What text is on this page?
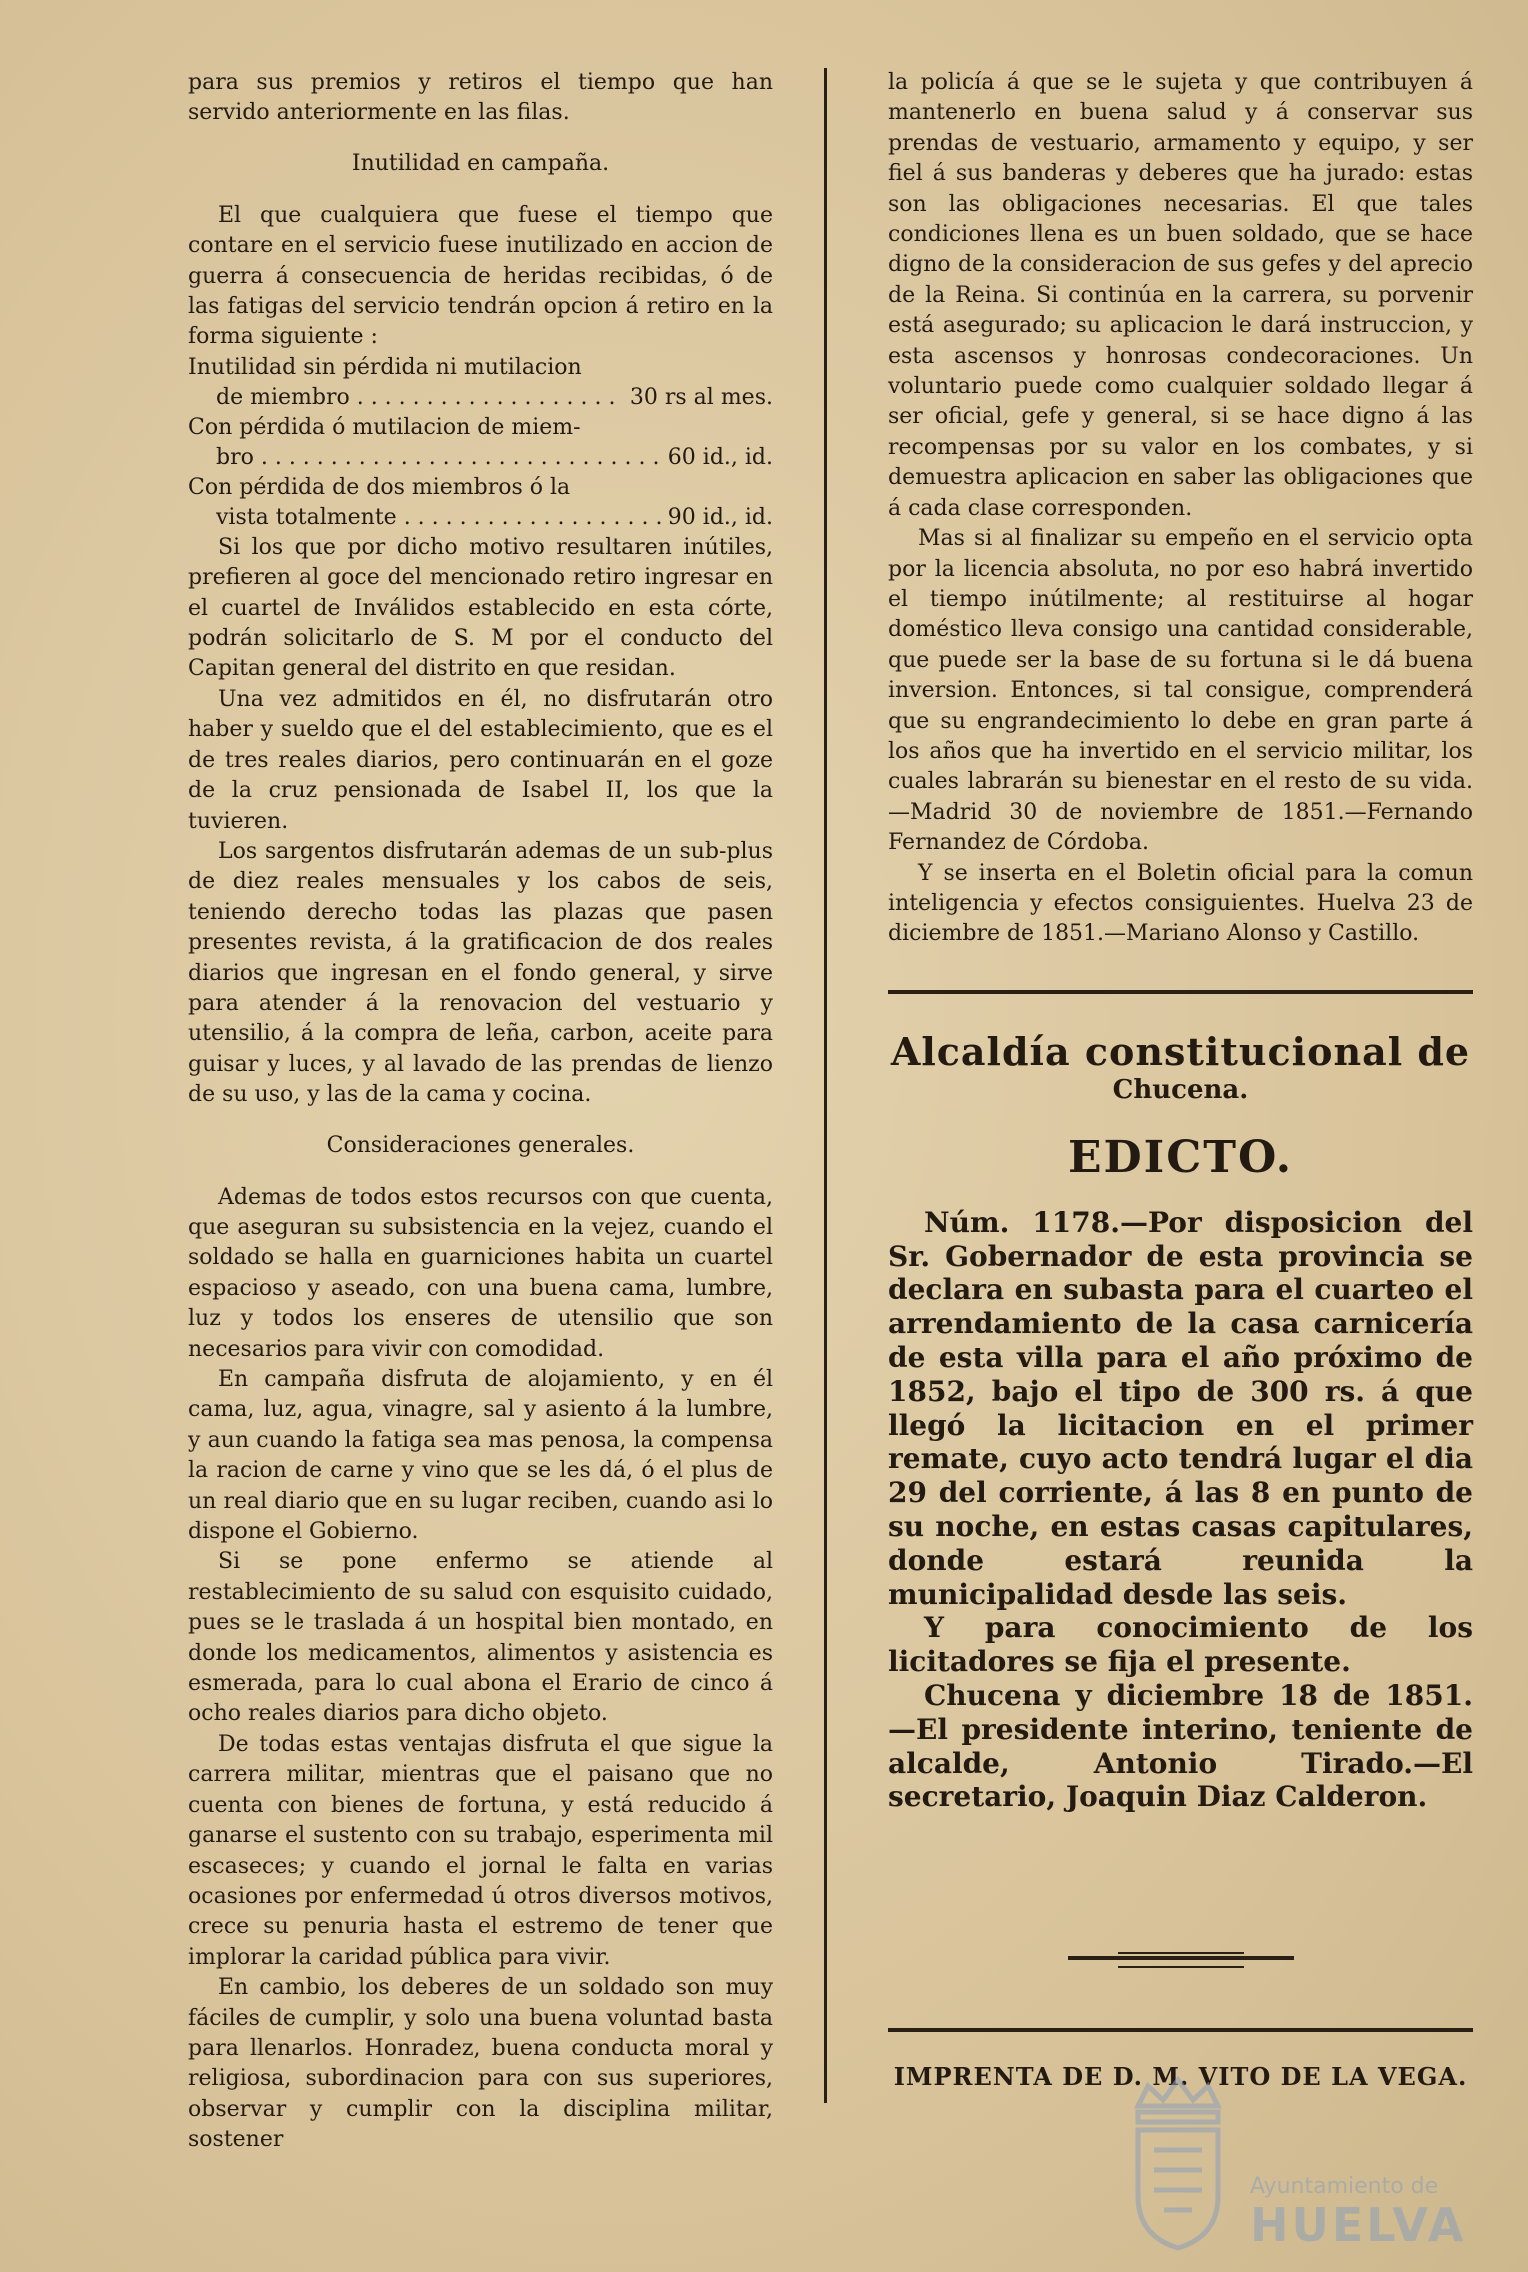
para sus premios y retiros el tiempo que han servido anteriormente en las filas.

Inutilidad en campaña.

El que cualquiera que fuese el tiempo que contare en el servicio fuese inutilizado en accion de guerra á consecuencia de heridas recibidas, ó de las fatigas del servicio tendrán opcion á retiro en la forma siguiente :

Inutilidad sin pérdida ni mutilacion
de miembro . . .	30 rs al mes.
Con pérdida ó mutilacion de miem-
bro . . .	60 id., id.
Con pérdida de dos miembros ó la
vista totalmente . . .	90 id., id.

Si los que por dicho motivo resultaren inútiles, prefieren al goce del mencionado retiro ingresar en el cuartel de Inválidos establecido en esta córte, podrán solicitarlo de S. M por el conducto del Capitan general del distrito en que residan.

Una vez admitidos en él, no disfrutarán otro haber y sueldo que el del establecimiento, que es el de tres reales diarios, pero continuarán en el goze de la cruz pensionada de Isabel II, los que la tuvieren.

Los sargentos disfrutarán ademas de un sub-plus de diez reales mensuales y los cabos de seis, teniendo derecho todas las plazas que pasen presentes revista, á la gratificacion de dos reales diarios que ingresan en el fondo general, y sirve para atender á la renovacion del vestuario y utensilio, á la compra de leña, carbon, aceite para guisar y luces, y al lavado de las prendas de lienzo de su uso, y las de la cama y cocina.

Consideraciones generales.

Ademas de todos estos recursos con que cuenta, que aseguran su subsistencia en la vejez, cuando el soldado se halla en guarniciones habita un cuartel espacioso y aseado, con una buena cama, lumbre, luz y todos los enseres de utensilio que son necesarios para vivir con comodidad.

En campaña disfruta de alojamiento, y en él cama, luz, agua, vinagre, sal y asiento á la lumbre, y aun cuando la fatiga sea mas penosa, la compensa la racion de carne y vino que se les dá, ó el plus de un real diario que en su lugar reciben, cuando asi lo dispone el Gobierno.

Si se pone enfermo se atiende al restablecimiento de su salud con esquisito cuidado, pues se le traslada á un hospital bien montado, en donde los medicamentos, alimentos y asistencia es esmerada, para lo cual abona el Erario de cinco á ocho reales diarios para dicho objeto.

De todas estas ventajas disfruta el que sigue la carrera militar, mientras que el paisano que no cuenta con bienes de fortuna, y está reducido á ganarse el sustento con su trabajo, esperimenta mil escaseces; y cuando el jornal le falta en varias ocasiones por enfermedad ú otros diversos motivos, crece su penuria hasta el estremo de tener que implorar la caridad pública para vivir.

En cambio, los deberes de un soldado son muy fáciles de cumplir, y solo una buena voluntad basta para llenarlos. Honradez, buena conducta moral y religiosa, subordinacion para con sus superiores, observar y cumplir con la disciplina militar, sostener

la policía á que se le sujeta y que contribuyen á mantenerlo en buena salud y á conservar sus prendas de vestuario, armamento y equipo, y ser fiel á sus banderas y deberes que ha jurado: estas son las obligaciones necesarias. El que tales condiciones llena es un buen soldado, que se hace digno de la consideracion de sus gefes y del aprecio de la Reina. Si continúa en la carrera, su porvenir está asegurado; su aplicacion le dará instruccion, y esta ascensos y honrosas condecoraciones. Un voluntario puede como cualquier soldado llegar á ser oficial, gefe y general, si se hace digno á las recompensas por su valor en los combates, y si demuestra aplicacion en saber las obligaciones que á cada clase corresponden.

Mas si al finalizar su empeño en el servicio opta por la licencia absoluta, no por eso habrá invertido el tiempo inútilmente; al restituirse al hogar doméstico lleva consigo una cantidad considerable, que puede ser la base de su fortuna si le dá buena inversion. Entonces, si tal consigue, comprenderá que su engrandecimiento lo debe en gran parte á los años que ha invertido en el servicio militar, los cuales labrarán su bienestar en el resto de su vida.—Madrid 30 de noviembre de 1851.—Fernando Fernandez de Córdoba.

Y se inserta en el Boletin oficial para la comun inteligencia y efectos consiguientes. Huelva 23 de diciembre de 1851.—Mariano Alonso y Castillo.

Alcaldía constitucional de
Chucena.
EDICTO.

Núm. 1178.—Por disposicion del Sr. Gobernador de esta provincia se declara en subasta para el cuarteo el arrendamiento de la casa carnicería de esta villa para el año próximo de 1852, bajo el tipo de 300 rs. á que llegó la licitacion en el primer remate, cuyo acto tendrá lugar el dia 29 del corriente, á las 8 en punto de su noche, en estas casas capitulares, donde estará reunida la municipalidad desde las seis.

Y para conocimiento de los licitadores se fija el presente.

Chucena y diciembre 18 de 1851.—El presidente interino, teniente de alcalde, Antonio Tirado.—El secretario, Joaquin Diaz Calderon.

IMPRENTA DE D. M. VITO DE LA VEGA.
Ayuntamiento de
HUELVA
